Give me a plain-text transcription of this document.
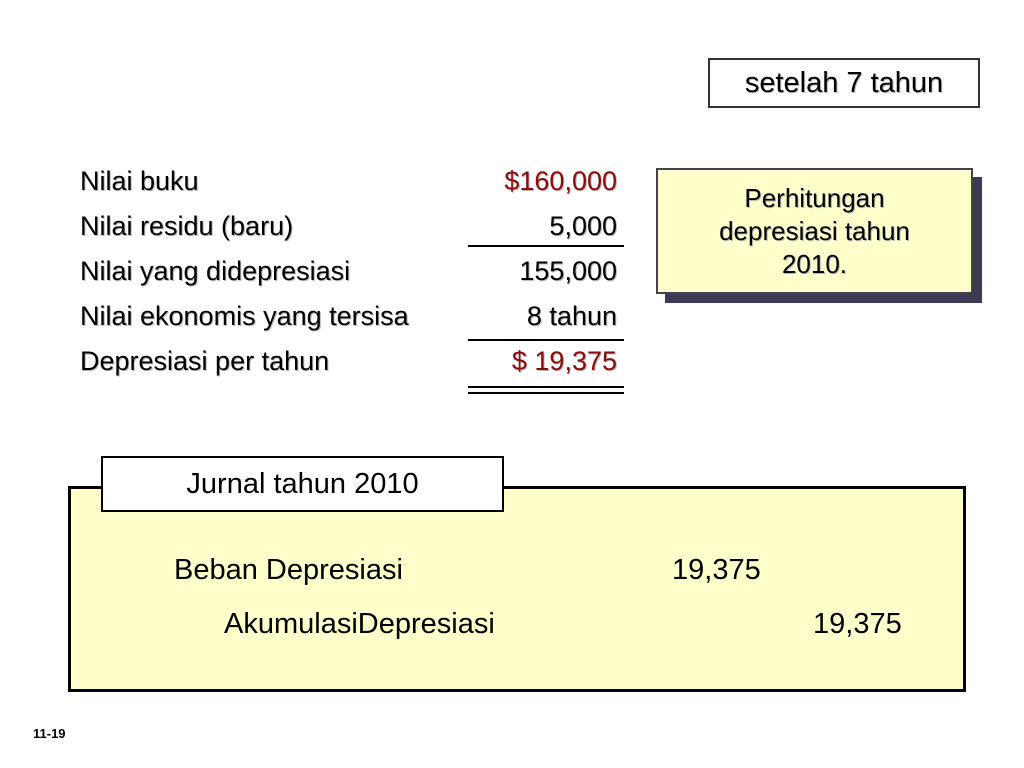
setelah 7 tahun
Nilai buku	$160,000
Nilai residu (baru)	5,000
Nilai yang didepresiasi	155,000
Nilai ekonomis yang tersisa	8 tahun
Depresiasi per tahun	$ 19,375
Perhitungan
depresiasi tahun
2010.
Jurnal tahun 2010
Beban Depresiasi	19,375
AkumulasiDepresiasi	19,375
11-19
